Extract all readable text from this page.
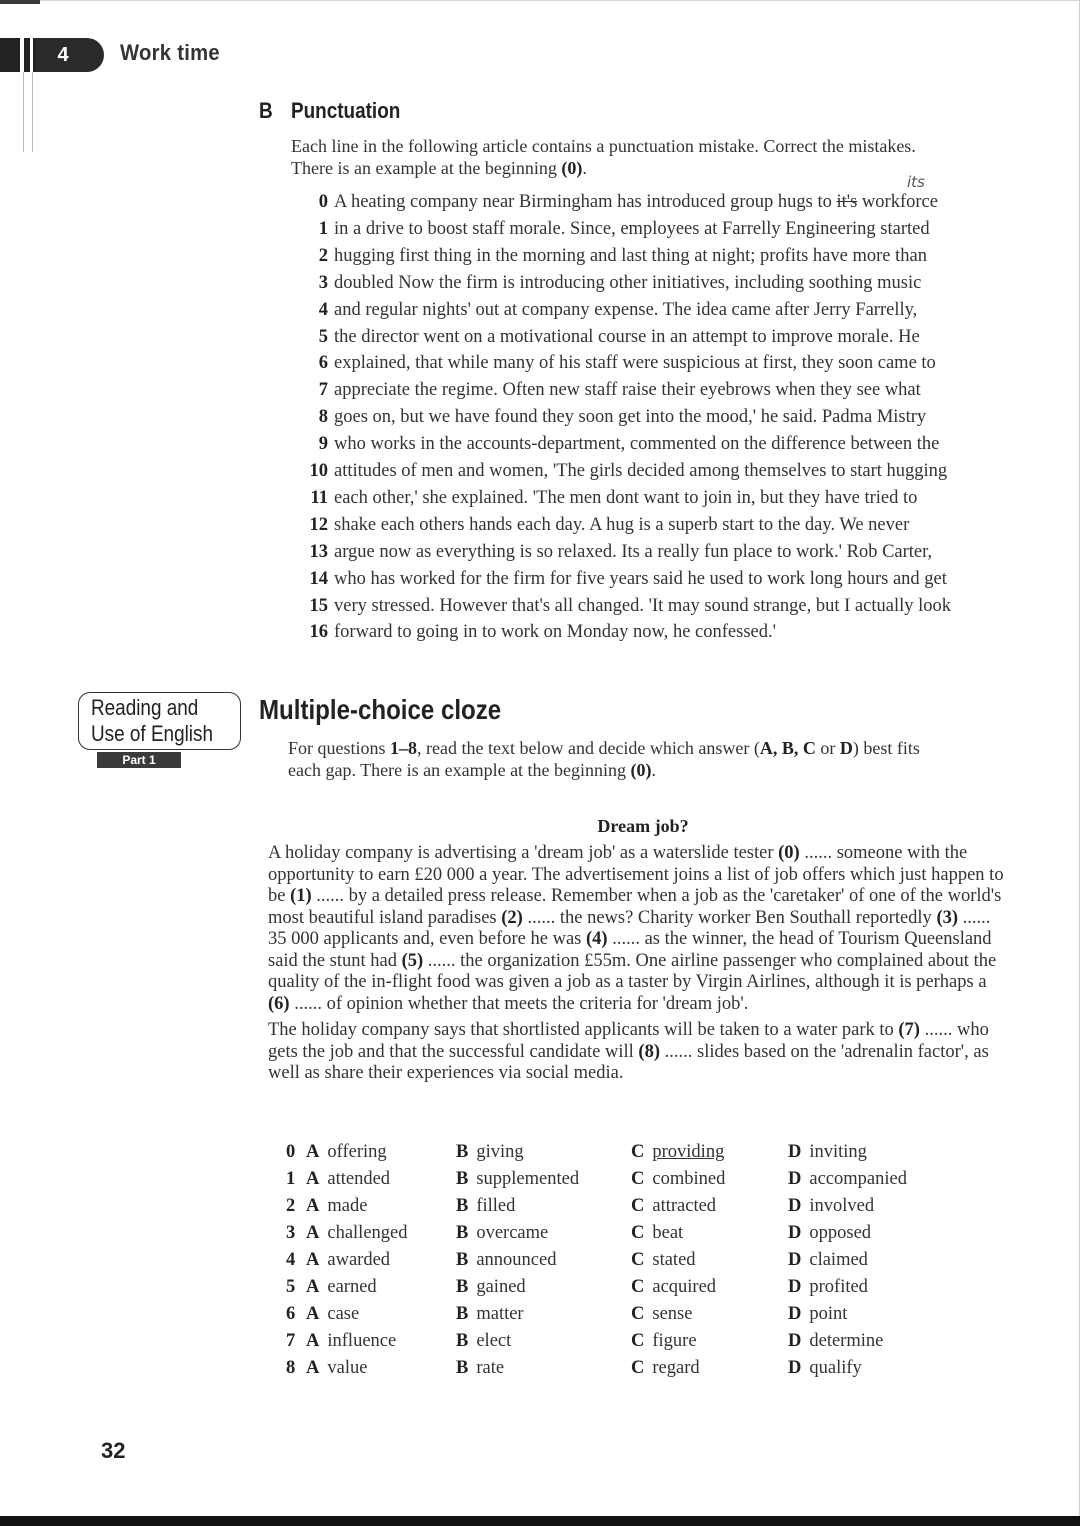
4	Work time
B Punctuation
Each line in the following article contains a punctuation mistake. Correct the mistakes.
There is an example at the beginning (0).
its
0 A heating company near Birmingham has introduced group hugs to it's workforce
1 in a drive to boost staff morale. Since, employees at Farrelly Engineering started
2 hugging first thing in the morning and last thing at night; profits have more than
3 doubled Now the firm is introducing other initiatives, including soothing music
4 and regular nights' out at company expense. The idea came after Jerry Farrelly,
5 the director went on a motivational course in an attempt to improve morale. He
6 explained, that while many of his staff were suspicious at first, they soon came to
7 appreciate the regime. Often new staff raise their eyebrows when they see what
8 goes on, but we have found they soon get into the mood,' he said. Padma Mistry
9 who works in the accounts-department, commented on the difference between the
10 attitudes of men and women, 'The girls decided among themselves to start hugging
11 each other,' she explained. 'The men dont want to join in, but they have tried to
12 shake each others hands each day. A hug is a superb start to the day. We never
13 argue now as everything is so relaxed. Its a really fun place to work.' Rob Carter,
14 who has worked for the firm for five years said he used to work long hours and get
15 very stressed. However that's all changed. 'It may sound strange, but I actually look
16 forward to going in to work on Monday now, he confessed.'
Reading and
Use of English
Part 1
Multiple-choice cloze
For questions 1–8, read the text below and decide which answer (A, B, C or D) best fits
each gap. There is an example at the beginning (0).
Dream job?

A holiday company is advertising a 'dream job' as a waterslide tester (0) ...... someone with the opportunity to earn £20 000 a year. The advertisement joins a list of job offers which just happen to be (1) ...... by a detailed press release. Remember when a job as the 'caretaker' of one of the world's most beautiful island paradises (2) ...... the news? Charity worker Ben Southall reportedly (3) ...... 35 000 applicants and, even before he was (4) ...... as the winner, the head of Tourism Queensland said the stunt had (5) ...... the organization £55m. One airline passenger who complained about the quality of the in-flight food was given a job as a taster by Virgin Airlines, although it is perhaps a (6) ...... of opinion whether that meets the criteria for 'dream job'.

The holiday company says that shortlisted applicants will be taken to a water park to (7) ...... who gets the job and that the successful candidate will (8) ...... slides based on the 'adrenalin factor', as well as share their experiences via social media.

0 A offering	B giving	C providing	D inviting
1 A attended	B supplemented	C combined	D accompanied
2 A made	B filled	C attracted	D involved
3 A challenged	B overcame	C beat	D opposed
4 A awarded	B announced	C stated	D claimed
5 A earned	B gained	C acquired	D profited
6 A case	B matter	C sense	D point
7 A influence	B elect	C figure	D determine
8 A value	B rate	C regard	D qualify
32
